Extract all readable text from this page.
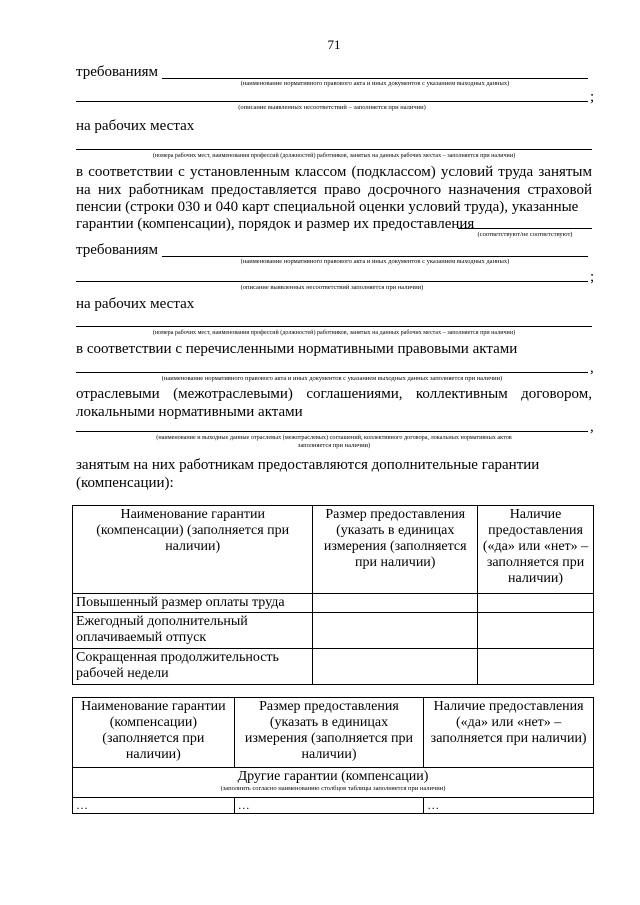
71
требованиям
(наименование нормативного правового акта и иных документов с указанием выходных данных)
;
(описание выявленных несоответствий – заполняется при наличии)
на рабочих местах
(номера рабочих мест, наименования профессий (должностей) работников, занятых на данных рабочих местах – заполняется при наличии)
в соответствии с установленным классом (подклассом) условий труда занятым на них работникам предоставляется право досрочного назначения страховой пенсии (строки 030 и 040 карт специальной оценки условий труда), указанные
гарантии (компенсации), порядок и размер их предоставления
(соответствуют/не соответствуют)
требованиям
(наименование нормативного правового акта и иных документов с указанием выходных данных)
;
(описание выявленных несоответствий заполняется при наличии)
на рабочих местах
(номера рабочих мест, наименования профессий (должностей) работников, занятых на данных рабочих местах – заполняется при наличии)
в соответствии с перечисленными нормативными правовыми актами
,
(наименование нормативного правового акта и иных документов с указанием выходных данных заполняется при наличии)
отраслевыми (межотраслевыми) соглашениями, коллективным договором, локальными нормативными актами
,
(наименование и выходные данные отраслевых (межотраслевых) соглашений, коллективного договора, локальных нормативных актов
заполняется при наличии)
занятым на них работникам предоставляются дополнительные гарантии (компенсации):
Наименование гарантии (компенсации) (заполняется при наличии)	Размер предоставления (указать в единицах измерения (заполняется при наличии)	Наличие предоставления («да» или «нет» – заполняется при наличии)
Повышенный размер оплаты труда		
Ежегодный дополнительный оплачиваемый отпуск		
Сокращенная продолжительность рабочей недели		
Наименование гарантии (компенсации) (заполняется при наличии)	Размер предоставления (указать в единицах измерения (заполняется при наличии)	Наличие предоставления («да» или «нет» – заполняется при наличии)

Другие гарантии (компенсации)
(заполнить согласно наименованию столбцов таблицы заполняется при наличии)		

…	…	…
